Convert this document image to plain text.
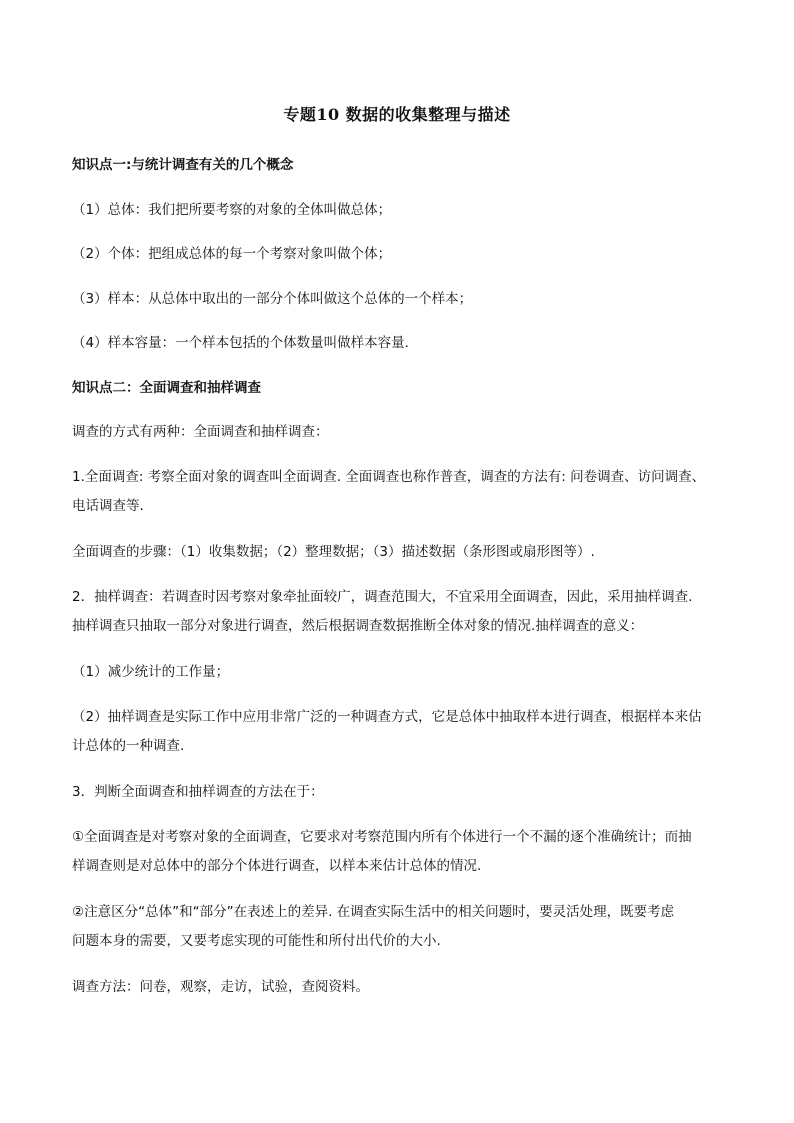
专题10 数据的收集整理与描述
知识点一:与统计调查有关的几个概念
（1）总体：我们把所要考察的对象的全体叫做总体；
（2）个体：把组成总体的每一个考察对象叫做个体；
（3）样本：从总体中取出的一部分个体叫做这个总体的一个样本；
（4）样本容量：一个样本包括的个体数量叫做样本容量．
知识点二：全面调查和抽样调查
调查的方式有两种：全面调查和抽样调查：
1.全面调查: 考察全面对象的调查叫全面调查. 全面调查也称作普查，调查的方法有: 问卷调查、访问调查、
电话调查等.
全面调查的步骤：（1）收集数据；（2）整理数据；（3）描述数据（条形图或扇形图等）.
2．抽样调查：若调查时因考察对象牵扯面较广，调查范围大，不宜采用全面调查，因此，采用抽样调查.
抽样调查只抽取一部分对象进行调查，然后根据调查数据推断全体对象的情况.抽样调查的意义：
（1）减少统计的工作量；
（2）抽样调查是实际工作中应用非常广泛的一种调查方式，它是总体中抽取样本进行调查，根据样本来估
计总体的一种调查.
3．判断全面调查和抽样调查的方法在于：
①全面调查是对考察对象的全面调查，它要求对考察范围内所有个体进行一个不漏的逐个准确统计；而抽
样调查则是对总体中的部分个体进行调查，以样本来估计总体的情况.
②注意区分“总体”和“部分”在表述上的差异. 在调查实际生活中的相关问题时，要灵活处理，既要考虑
问题本身的需要，又要考虑实现的可能性和所付出代价的大小.
调查方法：问卷，观察，走访，试验，查阅资料。
